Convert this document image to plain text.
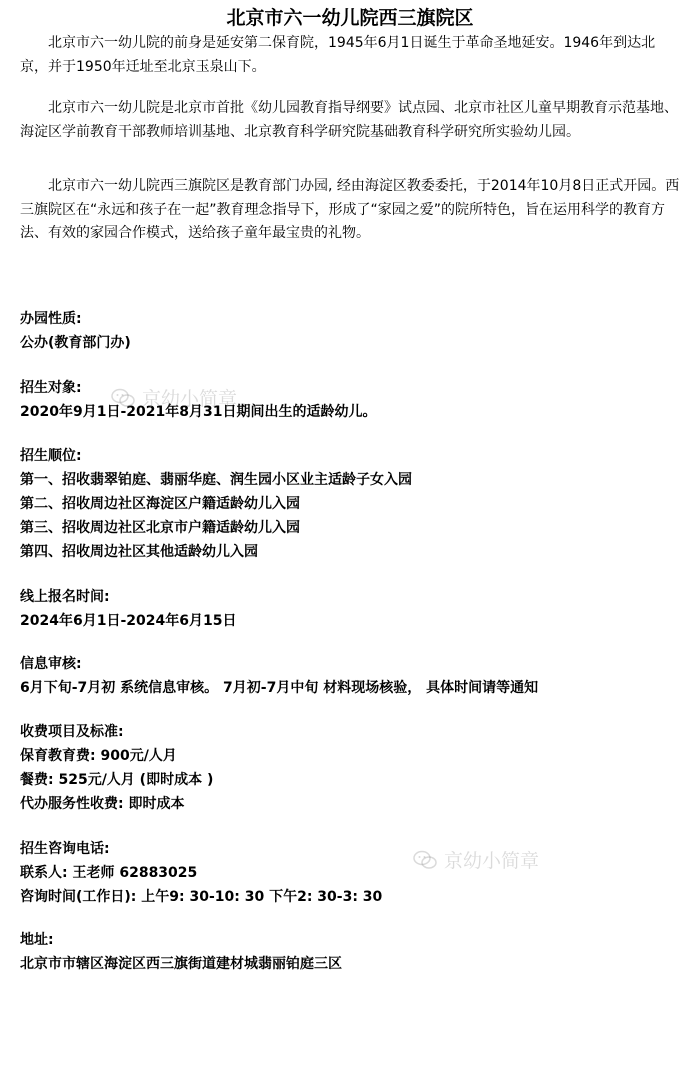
北京市六一幼儿院西三旗院区

北京市六一幼儿院的前身是延安第二保育院，1945年6月1日诞生于革命圣地延安。1946年到达北京，并于1950年迁址至北京玉泉山下。

北京市六一幼儿院是北京市首批《幼儿园教育指导纲要》试点园、北京市社区儿童早期教育示范基地、海淀区学前教育干部教师培训基地、北京教育科学研究院基础教育科学研究所实验幼儿园。

北京市六一幼儿院西三旗院区是教育部门办园, 经由海淀区教委委托，于2014年10月8日正式开园。西三旗院区在“永远和孩子在一起”教育理念指导下，形成了“家园之爱”的院所特色，旨在运用科学的教育方法、有效的家园合作模式，送给孩子童年最宝贵的礼物。

办园性质:
公办(教育部门办)
招生对象:
2020年9月1日-2021年8月31日期间出生的适龄幼儿。
招生顺位:
第一、招收翡翠铂庭、翡丽华庭、润生园小区业主适龄子女入园
第二、招收周边社区海淀区户籍适龄幼儿入园
第三、招收周边社区北京市户籍适龄幼儿入园
第四、招收周边社区其他适龄幼儿入园
线上报名时间:
2024年6月1日-2024年6月15日
信息审核:
6月下旬-7月初 系统信息审核。 7月初-7月中旬 材料现场核验， 具体时间请等通知
收费项目及标准:
保育教育费: 900元/人月
餐费: 525元/人月 (即时成本 )
代办服务性收费: 即时成本
招生咨询电话:
联系人: 王老师 62883025
咨询时间(工作日): 上午9: 30-10: 30 下午2: 30-3: 30
地址:
北京市市辖区海淀区西三旗街道建材城翡丽铂庭三区
京幼小简章
京幼小简章
